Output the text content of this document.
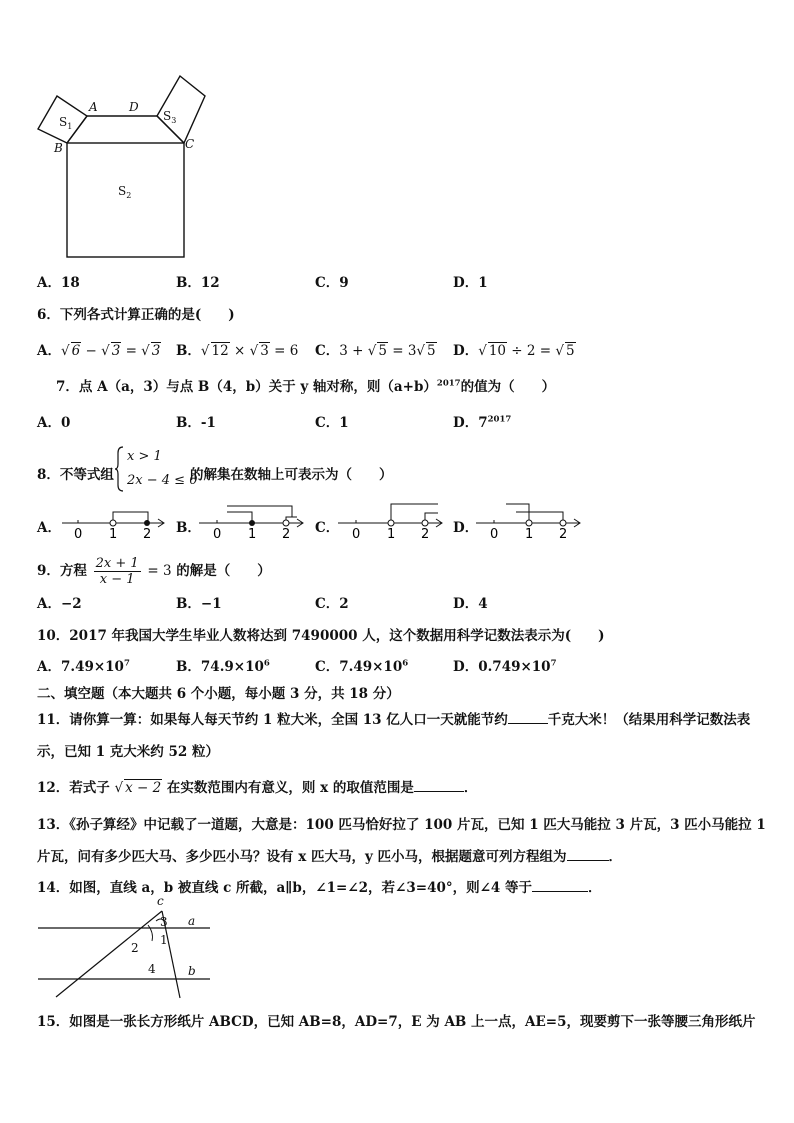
A	D
B	C
$S_1$
$S_3$
$S_2$
A．18	B．12	C．9	D．1
6．下列各式计算正确的是(　　)
A．√ 6 − √ 3 = √ 3 B．√ 12 × √ 3 = 6 C．3 + √ 5 = 3√ 5 D．√ 10 ÷ 2 = √ 5
7．点 A（a，3）与点 B（4，b）关于 y 轴对称，则$(a+b)^{2017}$的值为（　　）
A．0	B．-1	C．1	D．$7^{2017}$
8．不等式组
x > 1
2x − 4 ≤ 0
的解集在数轴上可表示为（　　）
A． 0 1 2 B． 0 1 2 C． 0 1 2 D． 0 1 2
9．方程 $\frac{2x + 1}{x - 1} = 3$ 的解是（　　）
A．−2	B．−1	C．2	D．4
10．2017 年我国大学生毕业人数将达到 7490000 人，这个数据用科学记数法表示为(　　)
A．$7.49\times 10^7$	B．$74.9\times 10^6$	C．$7.49\times 10^6$	D．$0.749\times 10^7$
二、填空题（本大题共 6 个小题，每小题 3 分，共 18 分）
11．请你算一算：如果每人每天节约 1 粒大米，全国 13 亿人口一天就能节约	千克大米！（结果用科学记数法表
示，已知 1 克大米约 52 粒）
12．若式子 √ x − 2 在实数范围内有意义，则 x 的取值范围是	．
13．《孙子算经》中记载了一道题，大意是：100 匹马恰好拉了 100 片瓦，已知 1 匹大马能拉 3 片瓦，3 匹小马能拉 1
片瓦，问有多少匹大马、多少匹小马？设有 x 匹大马，y 匹小马，根据题意可列方程组为	．
14．如图，直线 a，b 被直线 c 所截，a∥b，∠1=∠2，若∠3=40°，则∠4 等于	．
c
a
b
1
2
3
4
15．如图是一张长方形纸片 ABCD，已知 AB=8，AD=7，E 为 AB 上一点，AE=5，现要剪下一张等腰三角形纸片
